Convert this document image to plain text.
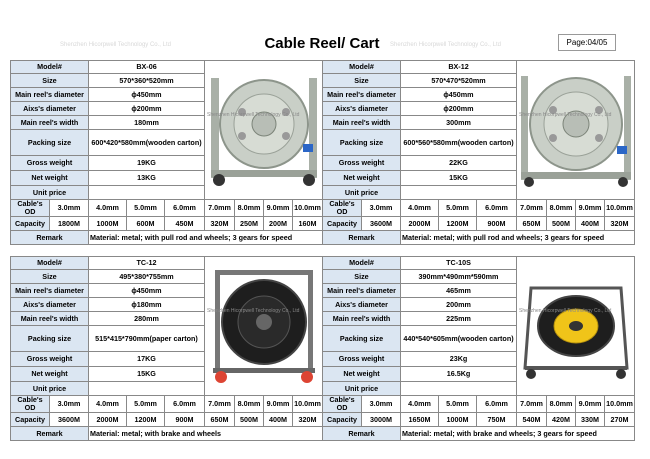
Shenzhen Hicorpwell Technology Co., Ltd	Shenzhen Hicorpwell Technology Co., Ltd
Cable Reel/ Cart	Page:04/05
Model#	BX-06	Shenzhen Hicorpwell Technology Co., Ltd

Size	570*360*520mm	
Main reel's diameter	ϕ450mm	
Aixs's diameter	ϕ200mm	
Main reel's width	180mm	
Packing size	600*420*580mm(wooden carton)	
Gross weight	19KG	
Net weight	13KG	
Unit price		
Cable's OD	3.0mm	4.0mm	5.0mm	6.0mm	7.0mm	8.0mm	9.0mm	10.0mm
Capacity	1800M	1000M	600M	450M	320M	250M	200M	160M
Remark		Material: metal; with pull rod and wheels; 3 gears for speed						
Model#	BX-12	Shenzhen Hicorpwell Technology Co., Ltd

Size	570*470*520mm	
Main reel's diameter	ϕ450mm	
Aixs's diameter	ϕ200mm	
Main reel's width	300mm	
Packing size	600*560*580mm(wooden carton)	
Gross weight	22KG	
Net weight	15KG	
Unit price		
Cable's OD	3.0mm	4.0mm	5.0mm	6.0mm	7.0mm	8.0mm	9.0mm	10.0mm
Capacity	3600M	2000M	1200M	900M	650M	500M	400M	320M
Remark		Material: metal; with pull rod and wheels; 3 gears for speed						
Model#	TC-12	Shenzhen Hicorpwell Technology Co., Ltd

Size	495*380*755mm	
Main reel's diameter	ϕ450mm	
Aixs's diameter	ϕ180mm	
Main reel's width	280mm	
Packing size	515*415*790mm(paper carton)	
Gross weight	17KG	
Net weight	15KG	
Unit price		
Cable's OD	3.0mm	4.0mm	5.0mm	6.0mm	7.0mm	8.0mm	9.0mm	10.0mm
Capacity	3600M	2000M	1200M	900M	650M	500M	400M	320M
Remark		Material: metal; with brake and wheels						
Model#	TC-10S	Shenzhen Hicorpwell Technology Co., Ltd

Size	390mm*490mm*590mm	
Main reel's diameter	465mm	
Aixs's diameter	200mm	
Main reel's width	225mm	
Packing size	440*540*605mm(wooden carton)	
Gross weight	23Kg	
Net weight	16.5Kg	
Unit price		
Cable's OD	3.0mm	4.0mm	5.0mm	6.0mm	7.0mm	8.0mm	9.0mm	10.0mm
Capacity	3000M	1650M	1000M	750M	540M	420M	330M	270M
Remark		Material: metal; with brake and wheels; 3 gears for speed						
